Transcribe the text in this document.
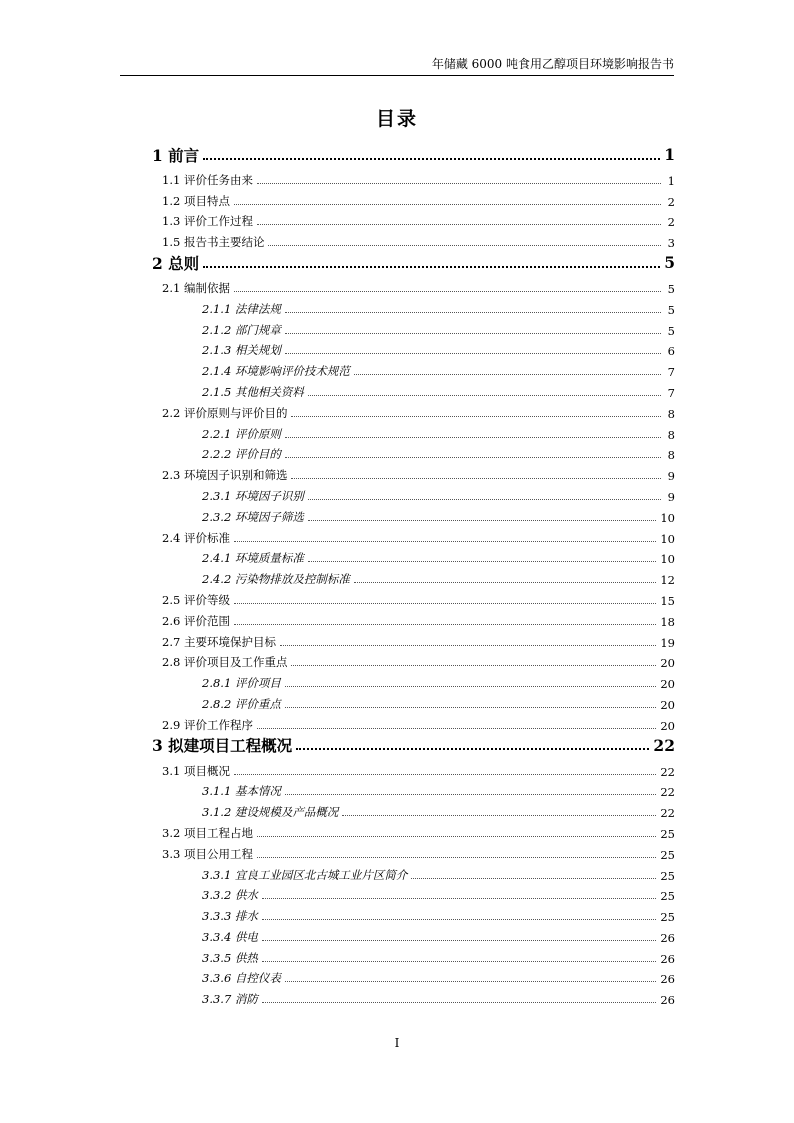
年储藏 6000 吨食用乙醇项目环境影响报告书
目录
1 前言	1
1.1 评价任务由来	1
1.2 项目特点	2
1.3 评价工作过程	2
1.5 报告书主要结论	3
2 总则	5
2.1 编制依据	5
2.1.1 法律法规	5
2.1.2 部门规章	5
2.1.3 相关规划	6
2.1.4 环境影响评价技术规范	7
2.1.5 其他相关资料	7
2.2 评价原则与评价目的	8
2.2.1 评价原则	8
2.2.2 评价目的	8
2.3 环境因子识别和筛选	9
2.3.1 环境因子识别	9
2.3.2 环境因子筛选	10
2.4 评价标准	10
2.4.1 环境质量标准	10
2.4.2 污染物排放及控制标准	12
2.5 评价等级	15
2.6 评价范围	18
2.7 主要环境保护目标	19
2.8 评价项目及工作重点	20
2.8.1 评价项目	20
2.8.2 评价重点	20
2.9 评价工作程序	20
3 拟建项目工程概况	22
3.1 项目概况	22
3.1.1 基本情况	22
3.1.2 建设规模及产品概况	22
3.2 项目工程占地	25
3.3 项目公用工程	25
3.3.1 宜良工业园区北古城工业片区简介	25
3.3.2 供水	25
3.3.3 排水	25
3.3.4 供电	26
3.3.5 供热	26
3.3.6 自控仪表	26
3.3.7 消防	26
I
